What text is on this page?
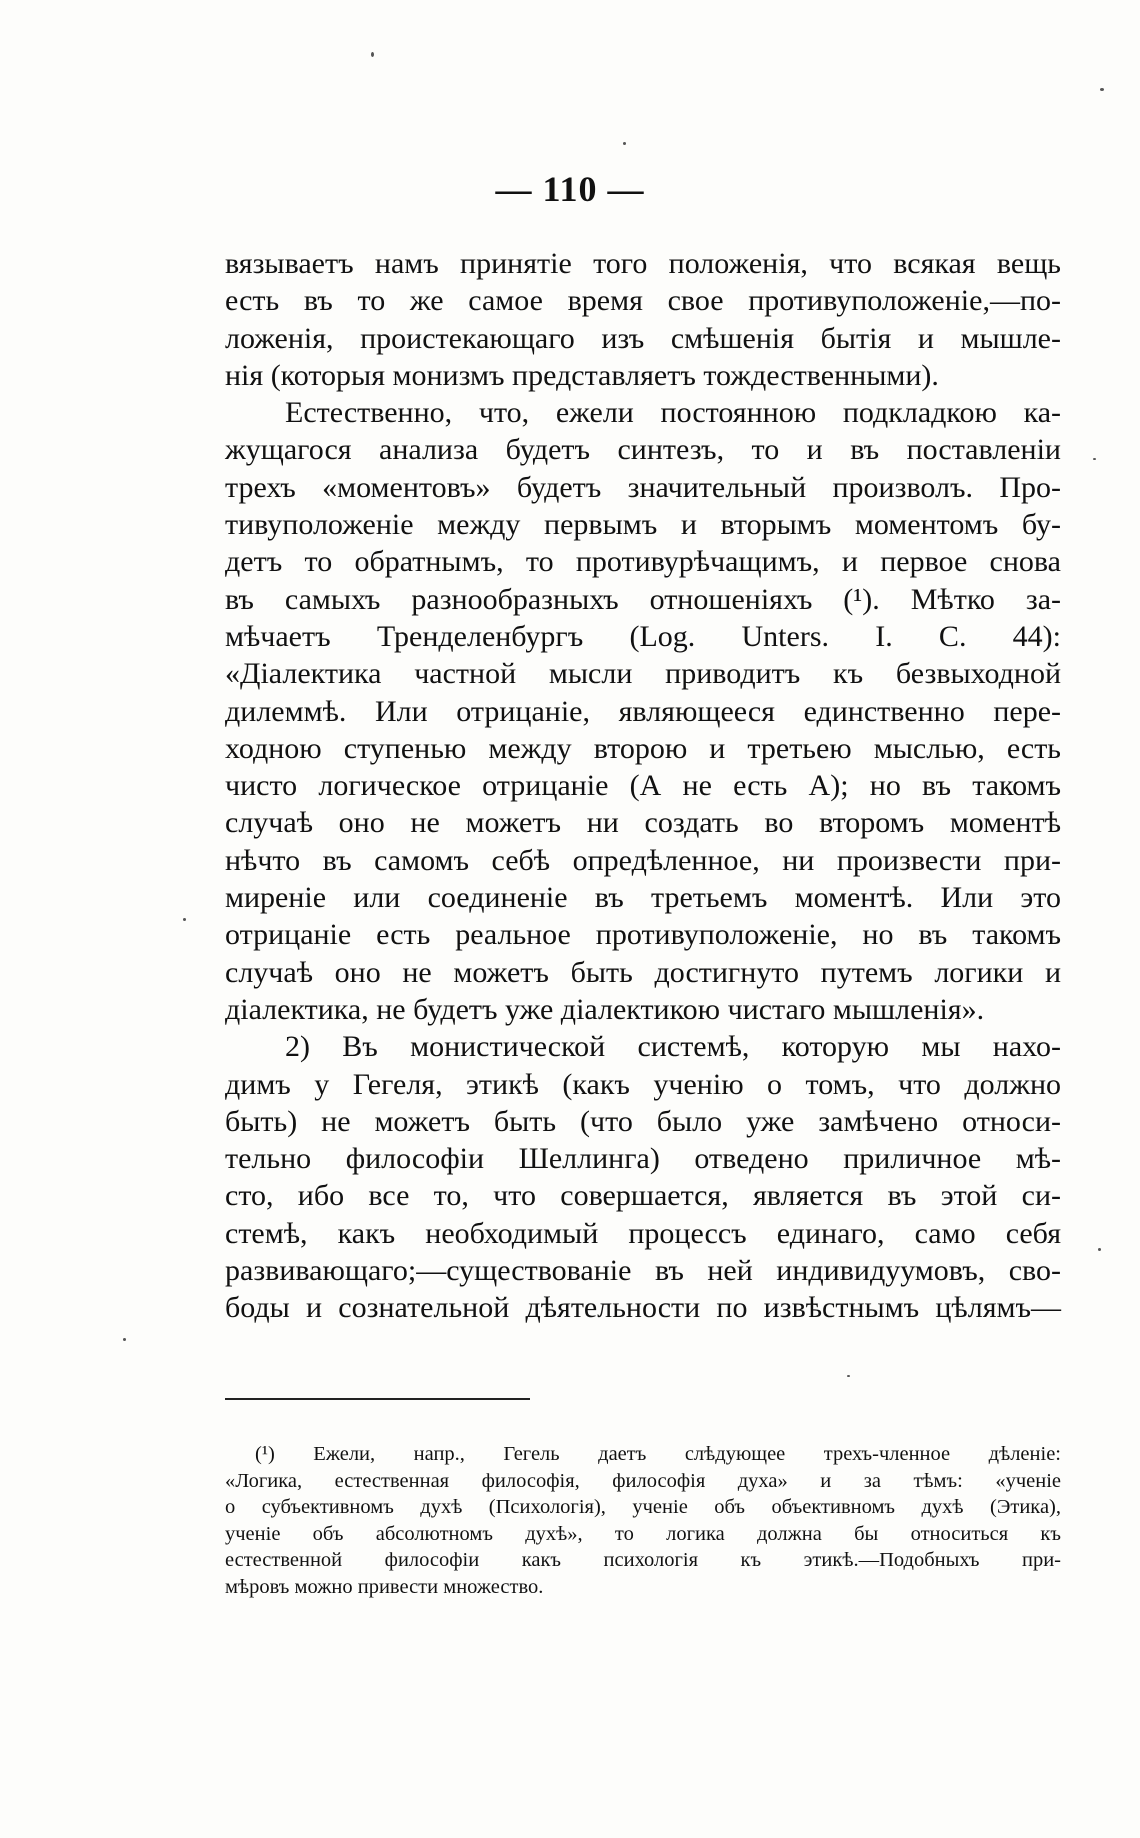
— 110 —
вязываетъ намъ принятіе того положенія, что всякая вещь
есть въ то же самое время свое противуположеніе,—по-
ложенія, проистекающаго изъ смѣшенія бытія и мышле-
нія (которыя монизмъ представляетъ тождественными).
Естественно, что, ежели постоянною подкладкою ка-
жущагося анализа будетъ синтезъ, то и въ поставленіи
трехъ «моментовъ» будетъ значительный произволъ. Про-
тивуположеніе между первымъ и вторымъ моментомъ бу-
детъ то обратнымъ, то противурѣчащимъ, и первое снова
въ самыхъ разнообразныхъ отношеніяхъ (¹). Мѣтко за-
мѣчаетъ Тренделенбургъ (Log. Unters. I. C. 44):
«Діалектика частной мысли приводитъ къ безвыходной
дилеммѣ. Или отрицаніе, являющееся единственно пере-
ходною ступенью между второю и третьею мыслью, есть
чисто логическое отрицаніе (А не есть А); но въ такомъ
случаѣ оно не можетъ ни создать во второмъ моментѣ
нѣчто въ самомъ себѣ опредѣленное, ни произвести при-
миреніе или соединеніе въ третьемъ моментѣ. Или это
отрицаніе есть реальное противуположеніе, но въ такомъ
случаѣ оно не можетъ быть достигнуто путемъ логики и
діалектика, не будетъ уже діалектикою чистаго мышленія».
2) Въ монистической системѣ, которую мы нахо-
димъ у Гегеля, этикѣ (какъ ученію о томъ, что должно
быть) не можетъ быть (что было уже замѣчено относи-
тельно философіи Шеллинга) отведено приличное мѣ-
сто, ибо все то, что совершается, является въ этой си-
стемѣ, какъ необходимый процессъ единаго, само себя
развивающаго;—существованіе въ ней индивидуумовъ, сво-
боды и сознательной дѣятельности по извѣстнымъ цѣлямъ—
(¹) Ежели, напр., Гегель даетъ слѣдующее трехъ-членное дѣленіе:
«Логика, естественная философія, философія духа» и за тѣмъ: «ученіе
о субъективномъ духѣ (Психологія), ученіе объ объективномъ духѣ (Этика),
ученіе объ абсолютномъ духѣ», то логика должна бы относиться къ
естественной философіи какъ психологія къ этикѣ.—Подобныхъ при-
мѣровъ можно привести множество.
